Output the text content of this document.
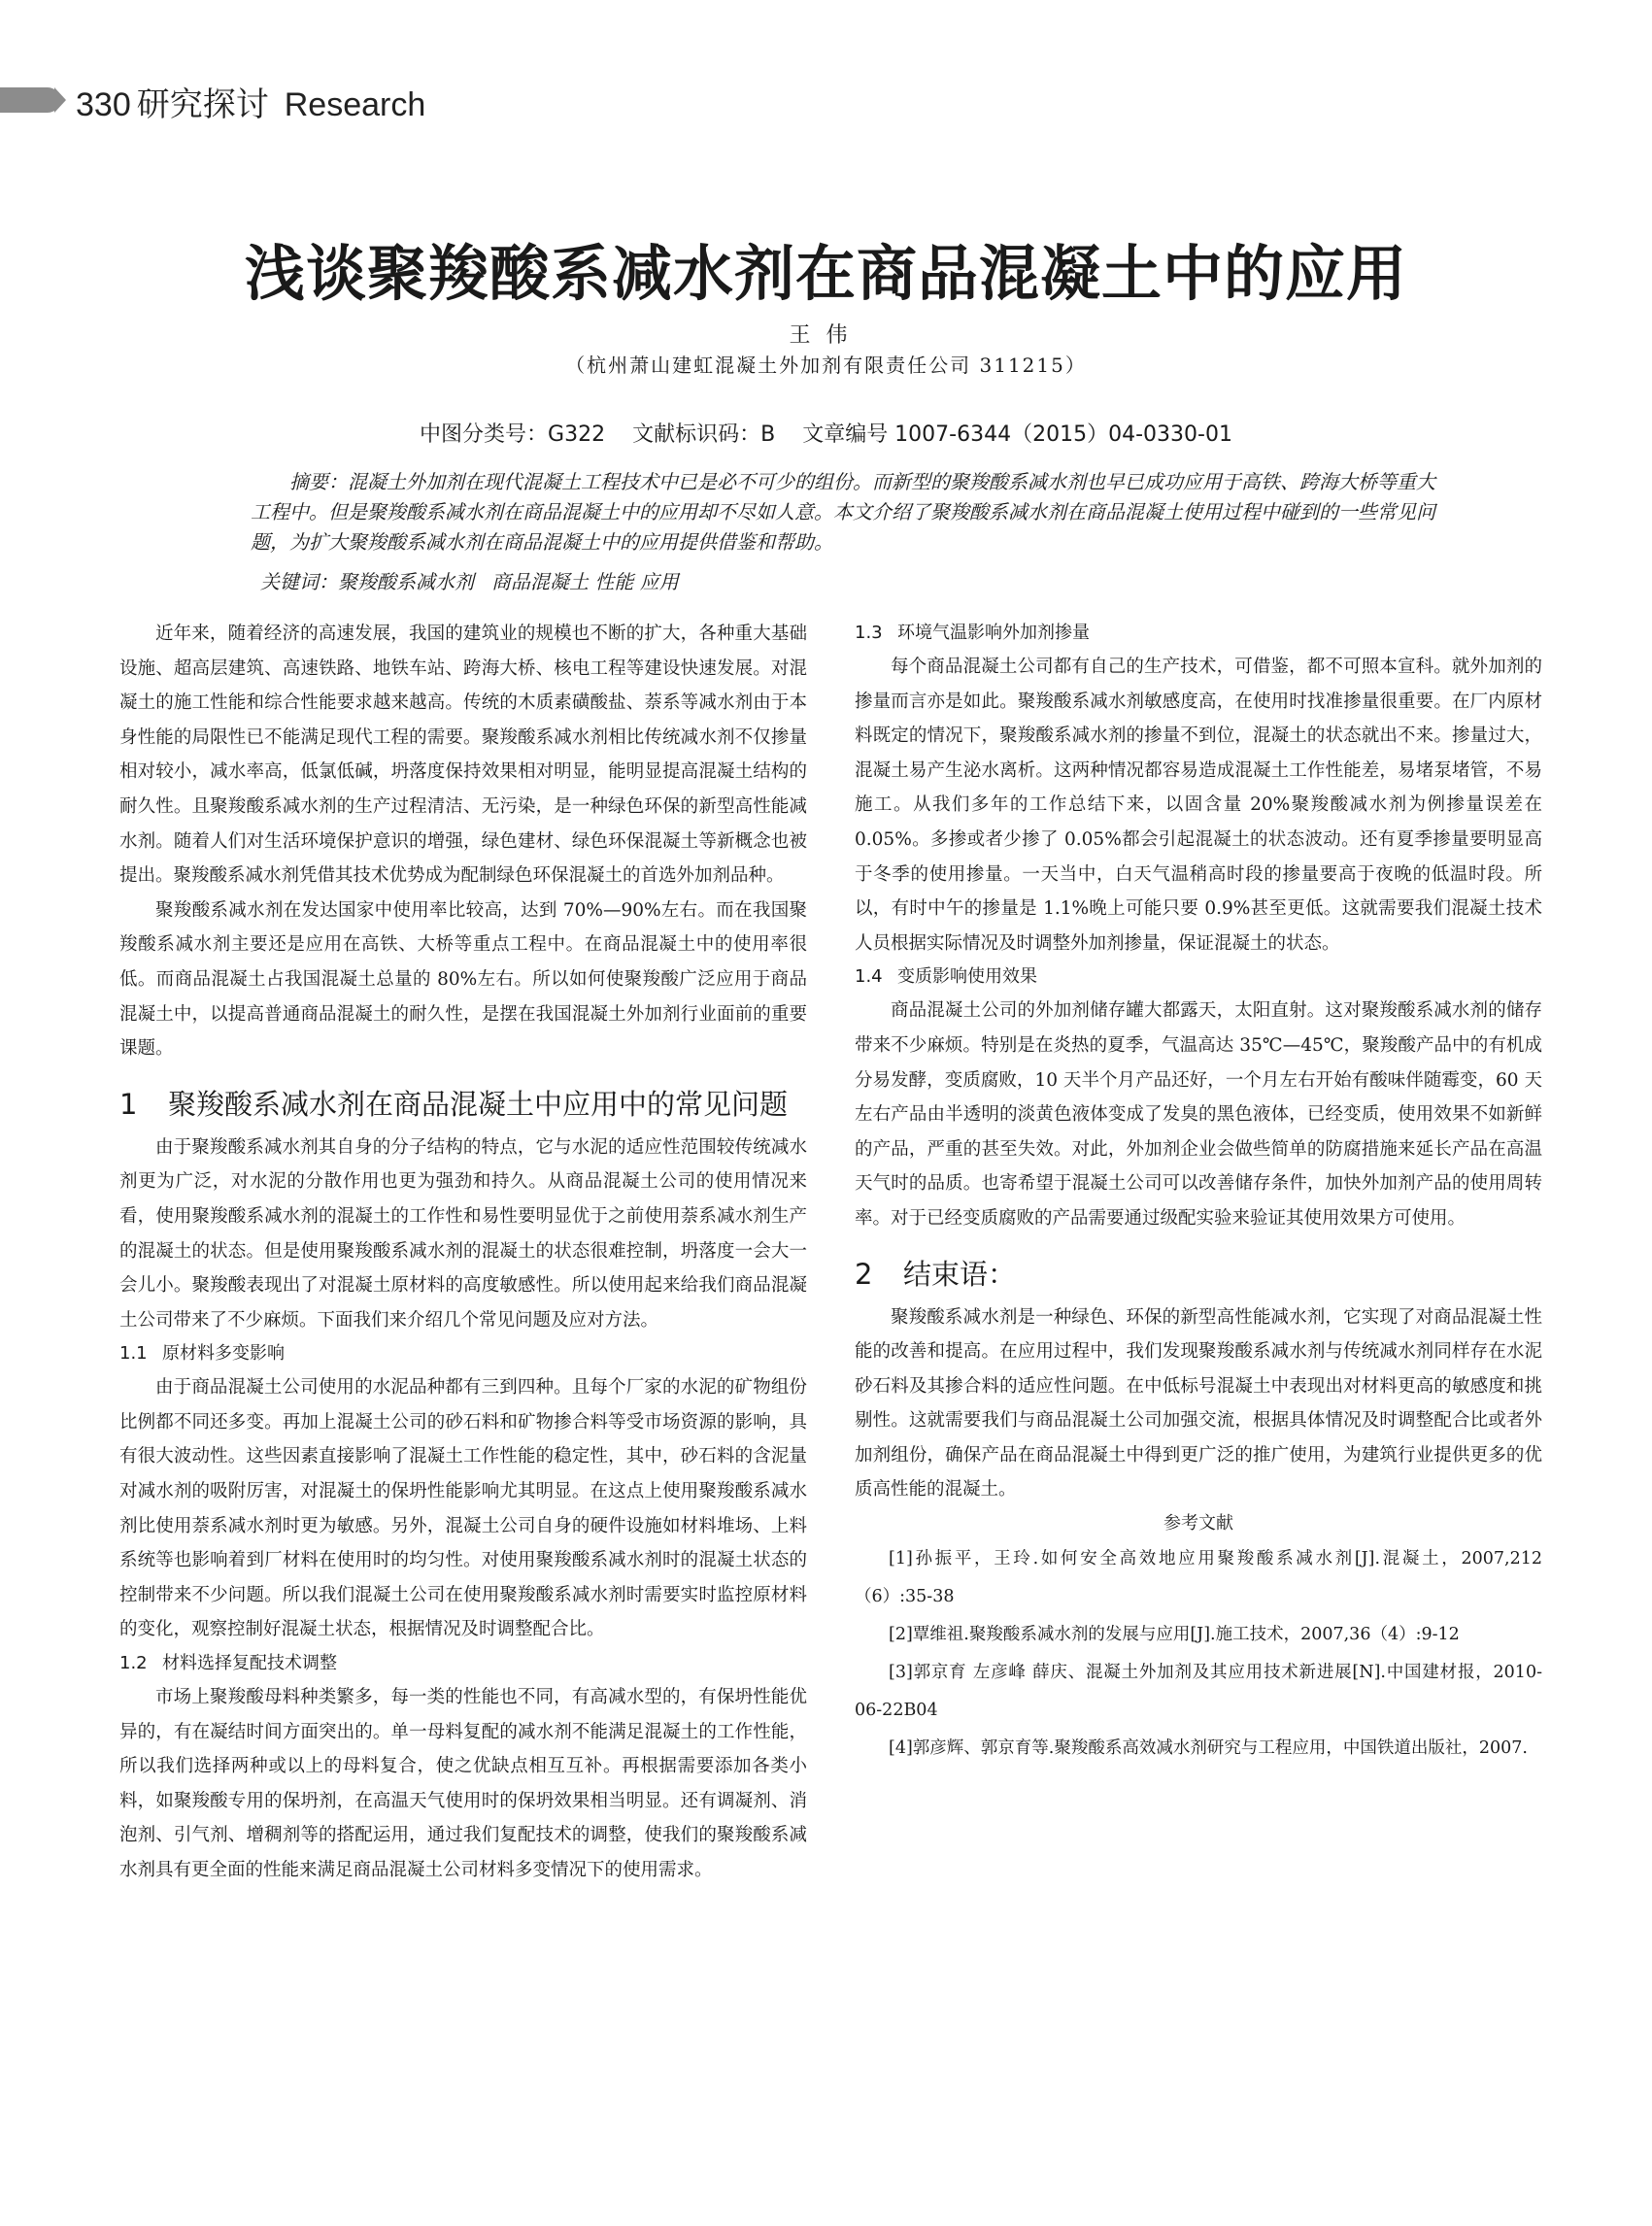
330 研究探讨 Research
浅谈聚羧酸系减水剂在商品混凝土中的应用
王伟
（杭州萧山建虹混凝土外加剂有限责任公司 311215）
中图分类号：G322 文献标识码：B 文章编号 1007-6344（2015）04-0330-01
摘要：混凝土外加剂在现代混凝土工程技术中已是必不可少的组份。而新型的聚羧酸系减水剂也早已成功应用于高铁、跨海大桥等重大工程中。但是聚羧酸系减水剂在商品混凝土中的应用却不尽如人意。本文介绍了聚羧酸系减水剂在商品混凝土使用过程中碰到的一些常见问题，为扩大聚羧酸系减水剂在商品混凝土中的应用提供借鉴和帮助。
关键词：聚羧酸系减水剂 商品混凝土 性能 应用

近年来，随着经济的高速发展，我国的建筑业的规模也不断的扩大，各种重大基础设施、超高层建筑、高速铁路、地铁车站、跨海大桥、核电工程等建设快速发展。对混凝土的施工性能和综合性能要求越来越高。传统的木质素磺酸盐、萘系等减水剂由于本身性能的局限性已不能满足现代工程的需要。聚羧酸系减水剂相比传统减水剂不仅掺量相对较小，减水率高，低氯低碱，坍落度保持效果相对明显，能明显提高混凝土结构的耐久性。且聚羧酸系减水剂的生产过程清洁、无污染，是一种绿色环保的新型高性能减水剂。随着人们对生活环境保护意识的增强，绿色建材、绿色环保混凝土等新概念也被提出。聚羧酸系减水剂凭借其技术优势成为配制绿色环保混凝土的首选外加剂品种。

聚羧酸系减水剂在发达国家中使用率比较高，达到 70%—90%左右。而在我国聚羧酸系减水剂主要还是应用在高铁、大桥等重点工程中。在商品混凝土中的使用率很低。而商品混凝土占我国混凝土总量的 80%左右。所以如何使聚羧酸广泛应用于商品混凝土中，以提高普通商品混凝土的耐久性，是摆在我国混凝土外加剂行业面前的重要课题。

1 聚羧酸系减水剂在商品混凝土中应用中的常见问题

由于聚羧酸系减水剂其自身的分子结构的特点，它与水泥的适应性范围较传统减水剂更为广泛，对水泥的分散作用也更为强劲和持久。从商品混凝土公司的使用情况来看，使用聚羧酸系减水剂的混凝土的工作性和易性要明显优于之前使用萘系减水剂生产的混凝土的状态。但是使用聚羧酸系减水剂的混凝土的状态很难控制，坍落度一会大一会儿小。聚羧酸表现出了对混凝土原材料的高度敏感性。所以使用起来给我们商品混凝土公司带来了不少麻烦。下面我们来介绍几个常见问题及应对方法。

1.1 原材料多变影响

由于商品混凝土公司使用的水泥品种都有三到四种。且每个厂家的水泥的矿物组份比例都不同还多变。再加上混凝土公司的砂石料和矿物掺合料等受市场资源的影响，具有很大波动性。这些因素直接影响了混凝土工作性能的稳定性，其中，砂石料的含泥量对减水剂的吸附厉害，对混凝土的保坍性能影响尤其明显。在这点上使用聚羧酸系减水剂比使用萘系减水剂时更为敏感。另外，混凝土公司自身的硬件设施如材料堆场、上料系统等也影响着到厂材料在使用时的均匀性。对使用聚羧酸系减水剂时的混凝土状态的控制带来不少问题。所以我们混凝土公司在使用聚羧酸系减水剂时需要实时监控原材料的变化，观察控制好混凝土状态，根据情况及时调整配合比。

1.2 材料选择复配技术调整

市场上聚羧酸母料种类繁多，每一类的性能也不同，有高减水型的，有保坍性能优异的，有在凝结时间方面突出的。单一母料复配的减水剂不能满足混凝土的工作性能，所以我们选择两种或以上的母料复合，使之优缺点相互互补。再根据需要添加各类小料，如聚羧酸专用的保坍剂，在高温天气使用时的保坍效果相当明显。还有调凝剂、消泡剂、引气剂、增稠剂等的搭配运用，通过我们复配技术的调整，使我们的聚羧酸系减水剂具有更全面的性能来满足商品混凝土公司材料多变情况下的使用需求。

1.3 环境气温影响外加剂掺量

每个商品混凝土公司都有自己的生产技术，可借鉴，都不可照本宣科。就外加剂的掺量而言亦是如此。聚羧酸系减水剂敏感度高，在使用时找准掺量很重要。在厂内原材料既定的情况下，聚羧酸系减水剂的掺量不到位，混凝土的状态就出不来。掺量过大，混凝土易产生泌水离析。这两种情况都容易造成混凝土工作性能差，易堵泵堵管，不易施工。从我们多年的工作总结下来，以固含量 20%聚羧酸减水剂为例掺量误差在 0.05%。多掺或者少掺了 0.05%都会引起混凝土的状态波动。还有夏季掺量要明显高于冬季的使用掺量。一天当中，白天气温稍高时段的掺量要高于夜晚的低温时段。所以，有时中午的掺量是 1.1%晚上可能只要 0.9%甚至更低。这就需要我们混凝土技术人员根据实际情况及时调整外加剂掺量，保证混凝土的状态。

1.4 变质影响使用效果

商品混凝土公司的外加剂储存罐大都露天，太阳直射。这对聚羧酸系减水剂的储存带来不少麻烦。特别是在炎热的夏季，气温高达 35℃—45℃，聚羧酸产品中的有机成分易发酵，变质腐败，10 天半个月产品还好，一个月左右开始有酸味伴随霉变，60 天左右产品由半透明的淡黄色液体变成了发臭的黑色液体，已经变质，使用效果不如新鲜的产品，严重的甚至失效。对此，外加剂企业会做些简单的防腐措施来延长产品在高温天气时的品质。也寄希望于混凝土公司可以改善储存条件，加快外加剂产品的使用周转率。对于已经变质腐败的产品需要通过级配实验来验证其使用效果方可使用。

2 结束语：

聚羧酸系减水剂是一种绿色、环保的新型高性能减水剂，它实现了对商品混凝土性能的改善和提高。在应用过程中，我们发现聚羧酸系减水剂与传统减水剂同样存在水泥砂石料及其掺合料的适应性问题。在中低标号混凝土中表现出对材料更高的敏感度和挑剔性。这就需要我们与商品混凝土公司加强交流，根据具体情况及时调整配合比或者外加剂组份，确保产品在商品混凝土中得到更广泛的推广使用，为建筑行业提供更多的优质高性能的混凝土。

参考文献

[1]孙振平，王玲.如何安全高效地应用聚羧酸系减水剂[J].混凝土，2007,212（6）:35-38

[2]覃维祖.聚羧酸系减水剂的发展与应用[J].施工技术，2007,36（4）:9-12

[3]郭京育 左彦峰 薛庆、混凝土外加剂及其应用技术新进展[N].中国建材报，2010-06-22B04

[4]郭彦辉、郭京育等.聚羧酸系高效减水剂研究与工程应用，中国铁道出版社，2007.
